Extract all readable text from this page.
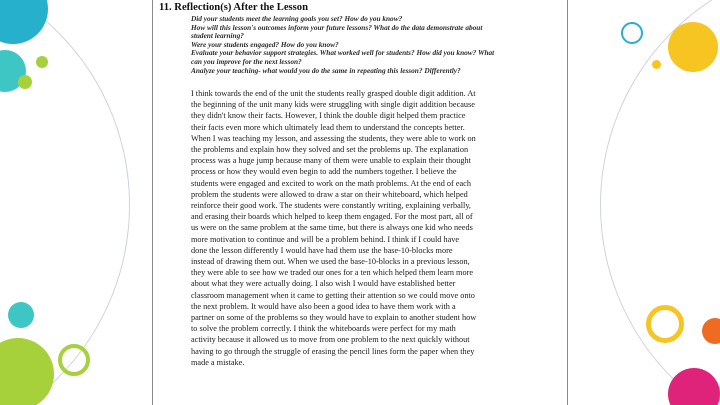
11. Reflection(s) After the Lesson
Did your students meet the learning goals you set? How do you know?
How will this lesson's outcomes inform your future lessons? What do the data demonstrate about
student learning?
Were your students engaged? How do you know?
Evaluate your behavior support strategies. What worked well for students? How did you know? What
can you improve for the next lesson?
Analyze your teaching- what would you do the same in repeating this lesson? Differently?
I think towards the end of the unit the students really grasped double digit addition. At
the beginning of the unit many kids were struggling with single digit addition because
they didn't know their facts. However, I think the double digit helped them practice
their facts even more which ultimately lead them to understand the concepts better.
When I was teaching my lesson, and assessing the students, they were able to work on
the problems and explain how they solved and set the problems up. The explanation
process was a huge jump because many of them were unable to explain their thought
process or how they would even begin to add the numbers together. I believe the
students were engaged and excited to work on the math problems. At the end of each
problem the students were allowed to draw a star on their whiteboard, which helped
reinforce their good work. The students were constantly writing, explaining verbally,
and erasing their boards which helped to keep them engaged. For the most part, all of
us were on the same problem at the same time, but there is always one kid who needs
more motivation to continue and will be a problem behind. I think if I could have
done the lesson differently I would have had them use the base-10-blocks more
instead of drawing them out. When we used the base-10-blocks in a previous lesson,
they were able to see how we traded our ones for a ten which helped them learn more
about what they were actually doing. I also wish I would have established better
classroom management when it came to getting their attention so we could move onto
the next problem. It would have also been a good idea to have them work with a
partner on some of the problems so they would have to explain to another student how
to solve the problem correctly. I think the whiteboards were perfect for my math
activity because it allowed us to move from one problem to the next quickly without
having to go through the struggle of erasing the pencil lines form the paper when they
made a mistake.
